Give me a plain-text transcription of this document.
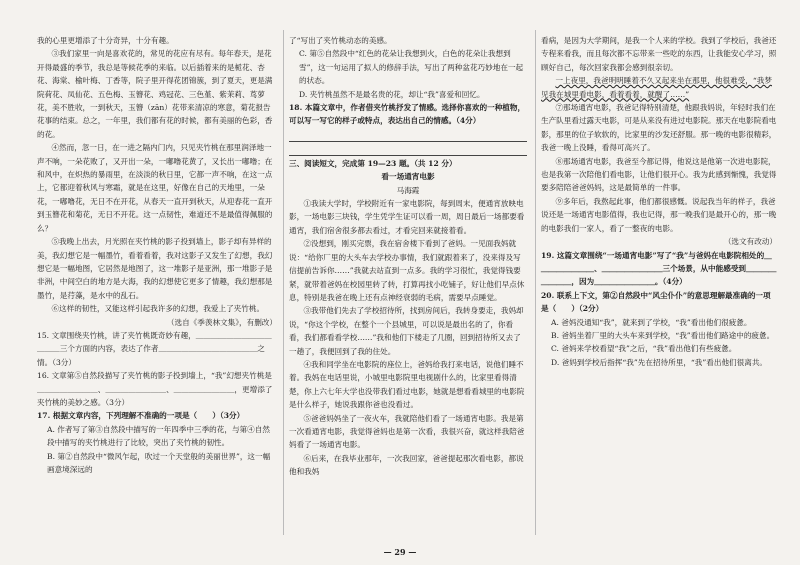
我的心里更增添了十分奇异，十分有趣。

③我们家里一向是喜欢花的，常见的花应有尽有。每年春天，是花开得最盛的季节，我总是等候花季的来临。以后插着来的是栀花、杏花、海棠、榆叶梅、丁香等，院子里开得花团锦簇，到了夏天，更是满院荷花、凤仙花、五色梅、玉簪花、鸡冠花、三色堇、紫茉莉、茑萝花，美不胜收，一到秋天，玉簪（zān）花带来清凉的寒意，菊花报告花事的结束。总之，一年里，我们都有花的时候，都有美丽的色彩，香的花。

④然而，忽一日，在一进之隔内门内，只见夹竹桃在那里润泽地一声不响，一朵花败了，又开出一朵，一嘟噜花黄了，又长出一嘟噜；在和风中，在炽热的暴雨里，在淡淡的秋日里，它都一声不响，在这一点上，它都迎着秋风与寒霜，就是在这里，好像在自己的天地里，一朵花，一嘟噜花，无日不在开花，从春天一直开到秋天，从迎春花一直开到玉簪花和菊花，无日不开花。这一点韧性，难道还不是最值得佩服的么？

⑤我晚上出去，月光照在夹竹桃的影子投到墙上，影子却有异样的美，我幻想它是一幅墨竹，看着看着，我对这影子又发生了幻想，我幻想它是一幅地图，它居然是地图了，这一堆影子是亚洲，那一堆影子是非洲，中间空白的地方是大海，我的幻想使它更多了情趣，我幻想那是墨竹，是荇藻，是水中的乱石。

⑥这样的韧性，又能这样引起我许多的幻想，我爱上了夹竹桃。

（选自《季羡林文集》，有删改）

15. 文章围绕夹竹桃，讲了夹竹桃既奇妙有趣，＿＿＿＿＿＿＿＿＿＿＿＿＿三个方面的内容，表达了作者＿＿＿＿＿＿＿＿＿＿＿＿＿之情。（3分）

16. 文章第⑤自然段描写了夹竹桃的影子投到墙上，“我”幻想夹竹桃是＿＿＿＿＿＿＿＿、＿＿＿＿＿＿＿＿、＿＿＿＿＿＿＿＿，更增添了夹竹桃的美妙之感。（3分）

17. 根据文章内容，下列理解不准确的一项是（　　）（3分）

A. 作者写了第③自然段中描写的一年四季中三季的花，与第④自然段中描写的夹竹桃进行了比较，突出了夹竹桃的韧性。

B. 第②自然段中“微风乍起，吹过一个天堂般的美丽世界”，这一幅画意境深远的

了“写出了夹竹桃动态的美感。

C. 第⑤自然段中“红色的花朵让我想到火，白色的花朵让我想到雪”，这一句运用了拟人的修辞手法，写出了两种盆花巧妙地在一起的状态。

D. 夹竹桃虽然不是最名贵的花，却让“我”喜爱和回忆。

18. 本篇文章中，作者借夹竹桃抒发了情感。选择你喜欢的一种植物，可以写一写它的样子或特点，表达出自己的情感。（4分）

三、阅读短文，完成第 19—23 题。（共 12 分）

看一场通宵电影

马海霞

①我读大学时，学校附近有一家电影院，每到周末，便通宵放映电影，一场电影三块钱，学生凭学生证可以看一周，周日最后一场都要看通宵，我们宿舍很多都去看过，才看完回来就接着看。

②没想到，刚买完票，我在宿舍楼下看到了爸妈。一见面我妈就说：“给你厂里的大头车去学校办事情，我们就跟着来了，没来得及写信提前告诉你……”我就去站直到一点多。我的学习很忙，我觉得钱要紧，就带着爸妈在校园里转了转，打算再找小吃铺子，好让他们早点休息，特别是我爸在晚上还有点神经衰弱的毛病，需要早点睡觉。

③我带他们先去了学校招待所，找到房间后，我转身要走，我妈却说，“你这个学校，在整个一个县城里，可以说是最出名的了，你看看，我们都看看学校……”我和他们下楼走了几圈，回到招待所又去了一趟了，我便回到了我的住处。

④我和同学坐在电影院的座位上，爸妈给我打来电话，说他们睡不着。我妈在电话里说，小城里电影院里电视剧什么的，比家里看得清楚，你上六七年大学也没带我们看过电影，她就是想看看城里的电影院是什么样子，她说我跟你爸也没看过。

⑤爸爸妈妈坐了一夜火车，我就陪他们看了一场通宵电影。我是第一次看通宵电影，我觉得爸妈也是第一次看，我很兴奋，就这样我陪爸妈看了一场通宵电影。

⑥后来，在我毕业那年，一次我回家，爸爸提起那次看电影，都说他和我妈

看病，是因为大学期间，是我一个人来的学校。我到了学校后，我爸还专程来看我，而且每次都不忘带来一些吃的东西，让我能安心学习，照顾好自己，每次回家我都会感到很亲切。

一上夜里，我爸明明睡着不久又起来坐在那里，他很难受，“我梦见我在城里看电影，看着看着，就醒了……”

⑦那场通宵电影，我爸记得特别清楚，他跟我妈说，年轻时我们在生产队里看过露天电影，可是从来没有进过电影院。那天在电影院看电影，那里的位子软软的，比家里的沙发还舒服。那一晚的电影很精彩，我爸一晚上没睡，看得可高兴了。

⑧那场通宵电影，我爸至今都记得，他说这是他第一次进电影院，也是我第一次陪他们看电影，让他们很开心。我为此感到惭愧，我觉得要多陪陪爸爸妈妈，这是最简单的一件事。

⑨多年后，我熬起此事，他们都很感慨。说起我当年的样子，我爸说还是一场通宵电影值得，我也记得，那一晚我们是最开心的，那一晚的电影我们一家人，看了一整夜的电影。

（选文有改动）

19. 这篇文章围绕“一场通宵电影”写了“我”与爸妈在电影院相处的＿＿＿＿＿＿＿＿、＿＿＿＿＿＿＿＿三个场景，从中能感受到＿＿＿＿＿＿＿＿，因为＿＿＿＿＿＿＿＿。（4分）

20. 联系上下文，第②自然段中“风尘仆仆”的意思理解最准确的一项是（　　）（2分）

A. 爸妈没通知“我”，就来到了学校，“我”看出他们很疲惫。

B. 爸妈坐着厂里的大头车来到学校，“我”看出他们路途中的疲惫。

C. 爸妈来学校看望“我”之后，“我”看出他们有些疲惫。

D. 爸妈到学校后指挥“我”先在招待所里，“我”看出他们很离共。

— 29 —
